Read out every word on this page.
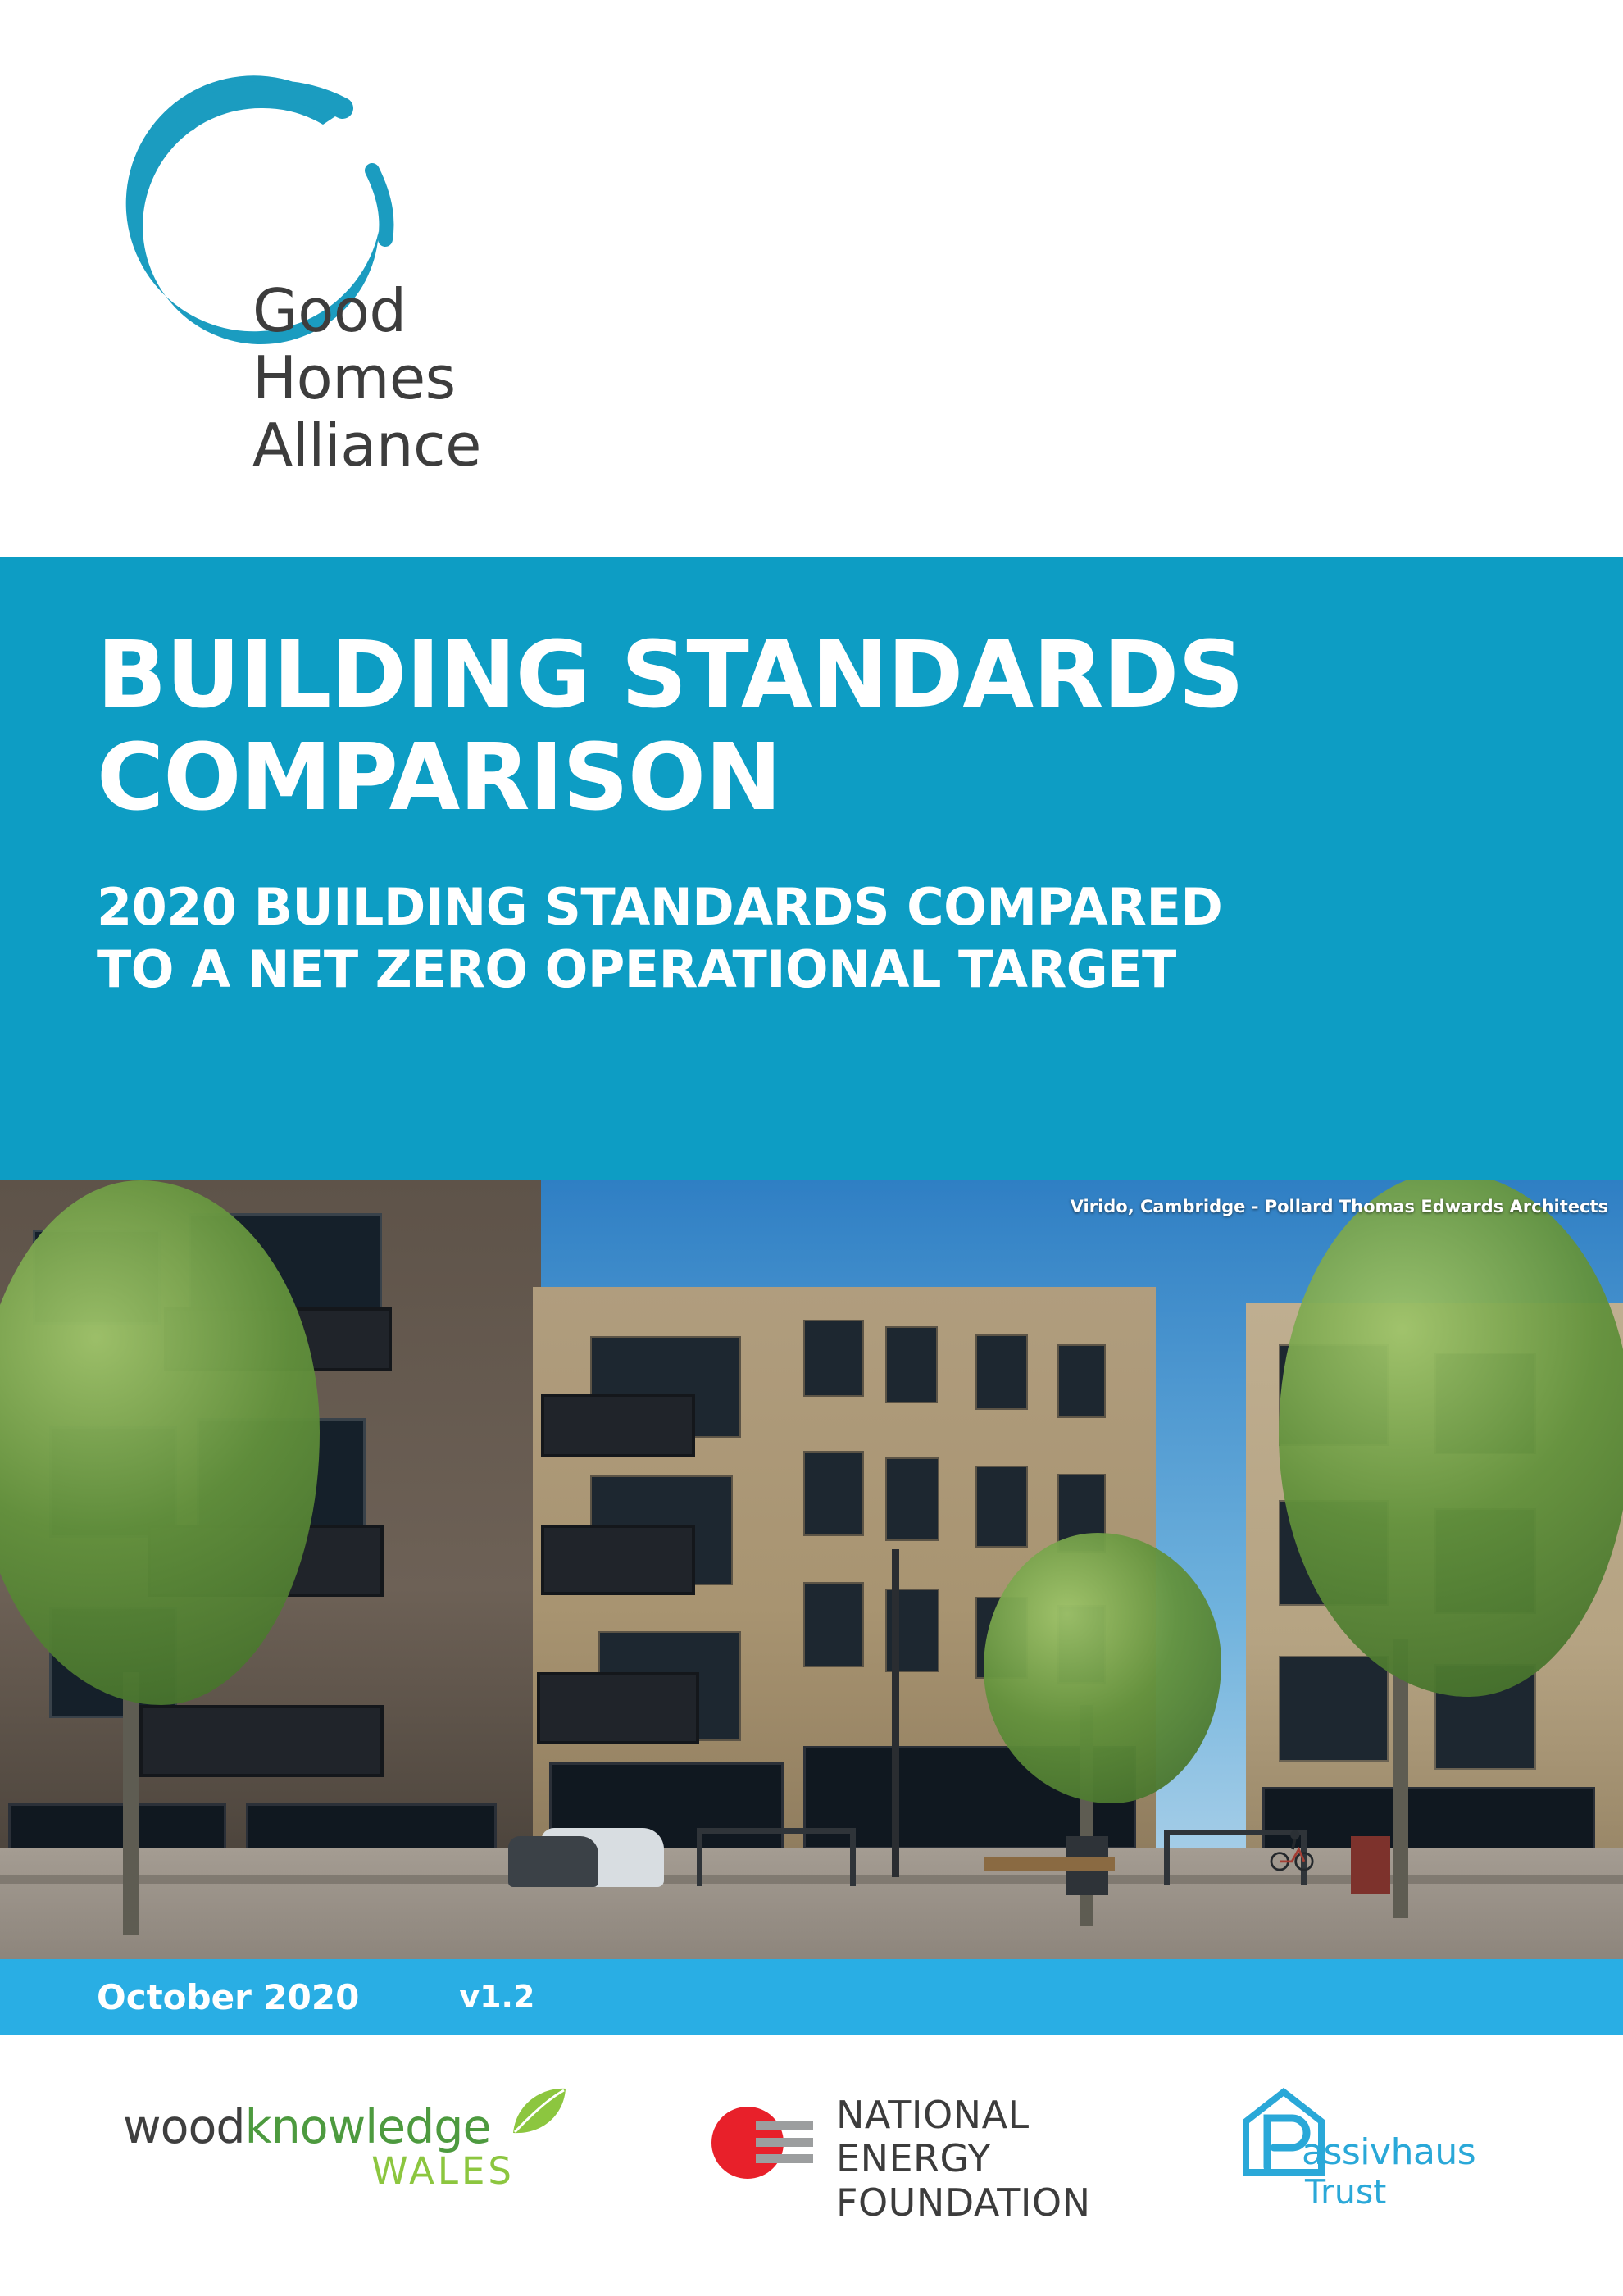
Good
Homes
Alliance
BUILDING STANDARDS
COMPARISON
2020 BUILDING STANDARDS COMPARED
TO A NET ZERO OPERATIONAL TARGET
Virido, Cambridge - Pollard Thomas Edwards Architects
October 2020	v1.2
woodknowledge
WALES
NATIONAL
ENERGY
FOUNDATION
assivhaus
Trust
